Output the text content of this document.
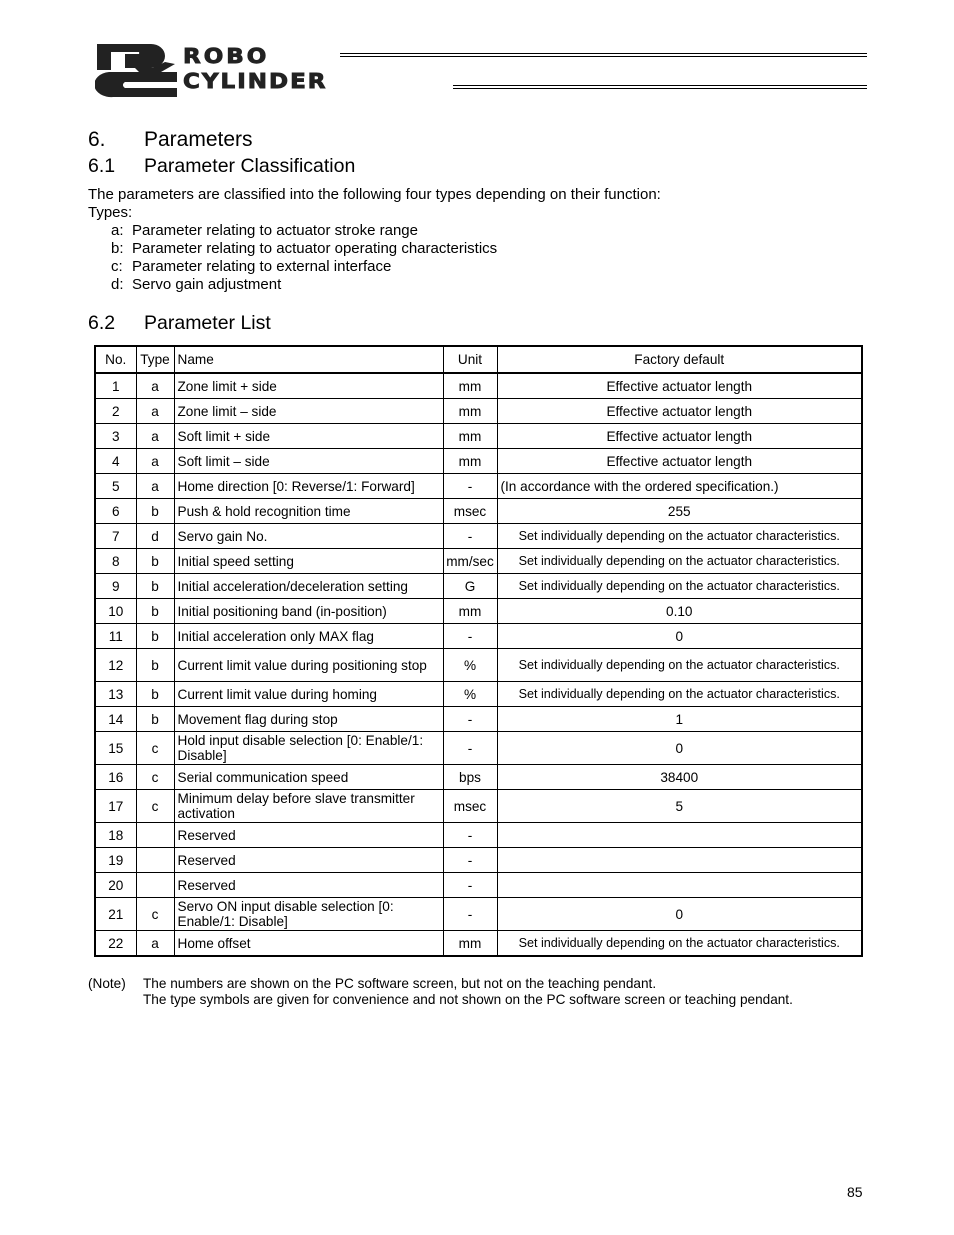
ROBO
CYLINDER
6. Parameters
6.1 Parameter Classification
The parameters are classified into the following four types depending on their function:
Types:
a: Parameter relating to actuator stroke range
b: Parameter relating to actuator operating characteristics
c: Parameter relating to external interface
d: Servo gain adjustment
6.2 Parameter List
No.	Type	Name	Unit	Factory default
1	a	Zone limit + side	mm	Effective actuator length
2	a	Zone limit – side	mm	Effective actuator length
3	a	Soft limit + side	mm	Effective actuator length
4	a	Soft limit – side	mm	Effective actuator length
5	a	Home direction [0: Reverse/1: Forward]	-	(In accordance with the ordered specification.)
6	b	Push & hold recognition time	msec	255
7	d	Servo gain No.	-	Set individually depending on the actuator characteristics.
8	b	Initial speed setting	mm/sec	Set individually depending on the actuator characteristics.
9	b	Initial acceleration/deceleration setting	G	Set individually depending on the actuator characteristics.
10	b	Initial positioning band (in-position)	mm	0.10
11	b	Initial acceleration only MAX flag	-	0
12	b	Current limit value during positioning stop	%	Set individually depending on the actuator characteristics.
13	b	Current limit value during homing	%	Set individually depending on the actuator characteristics.
14	b	Movement flag during stop	-	1
15	c	Hold input disable selection [0: Enable/1: Disable]	-	0
16	c	Serial communication speed	bps	38400
17	c	Minimum delay before slave transmitter activation	msec	5
18		Reserved	-	
19		Reserved	-	
20		Reserved	-	
21	c	Servo ON input disable selection [0: Enable/1: Disable]	-	0
22	a	Home offset	mm	Set individually depending on the actuator characteristics.
(Note) The numbers are shown on the PC software screen, but not on the teaching pendant.
The type symbols are given for convenience and not shown on the PC software screen or teaching pendant.
85
